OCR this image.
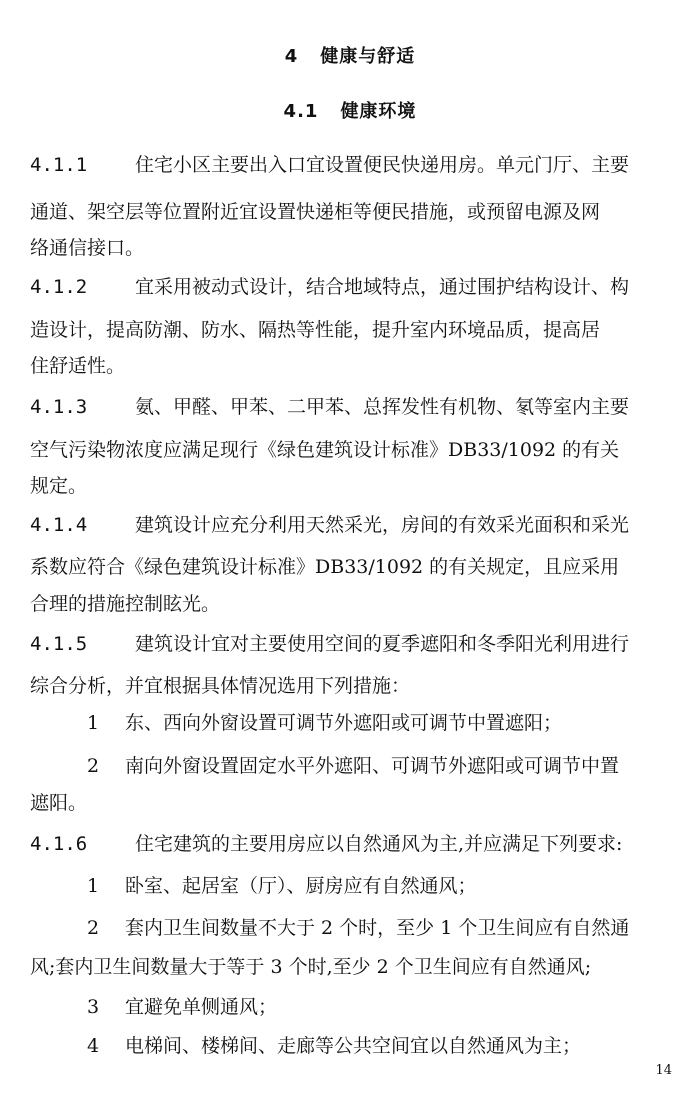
4 健康与舒适
4.1 健康环境
4.1.1	住宅小区主要出入口宜设置便民快递用房。单元门厅、主要
通道、架空层等位置附近宜设置快递柜等便民措施，或预留电源及网
络通信接口。
4.1.2	宜采用被动式设计，结合地域特点，通过围护结构设计、构
造设计，提高防潮、防水、隔热等性能，提升室内环境品质，提高居
住舒适性。
4.1.3	氨、甲醛、甲苯、二甲苯、总挥发性有机物、氡等室内主要
空气污染物浓度应满足现行《绿色建筑设计标准》DB33/1092 的有关
规定。
4.1.4	建筑设计应充分利用天然采光，房间的有效采光面积和采光
系数应符合《绿色建筑设计标准》DB33/1092 的有关规定，且应采用
合理的措施控制眩光。
4.1.5	建筑设计宜对主要使用空间的夏季遮阳和冬季阳光利用进行
综合分析，并宜根据具体情况选用下列措施：
1 东、西向外窗设置可调节外遮阳或可调节中置遮阳；
2 南向外窗设置固定水平外遮阳、可调节外遮阳或可调节中置
遮阳。
4.1.6	住宅建筑的主要用房应以自然通风为主,并应满足下列要求:
1 卧室、起居室（厅）、厨房应有自然通风；
2 套内卫生间数量不大于 2 个时，至少 1 个卫生间应有自然通
风;套内卫生间数量大于等于 3 个时,至少 2 个卫生间应有自然通风;
3 宜避免单侧通风；
4 电梯间、楼梯间、走廊等公共空间宜以自然通风为主；
14
